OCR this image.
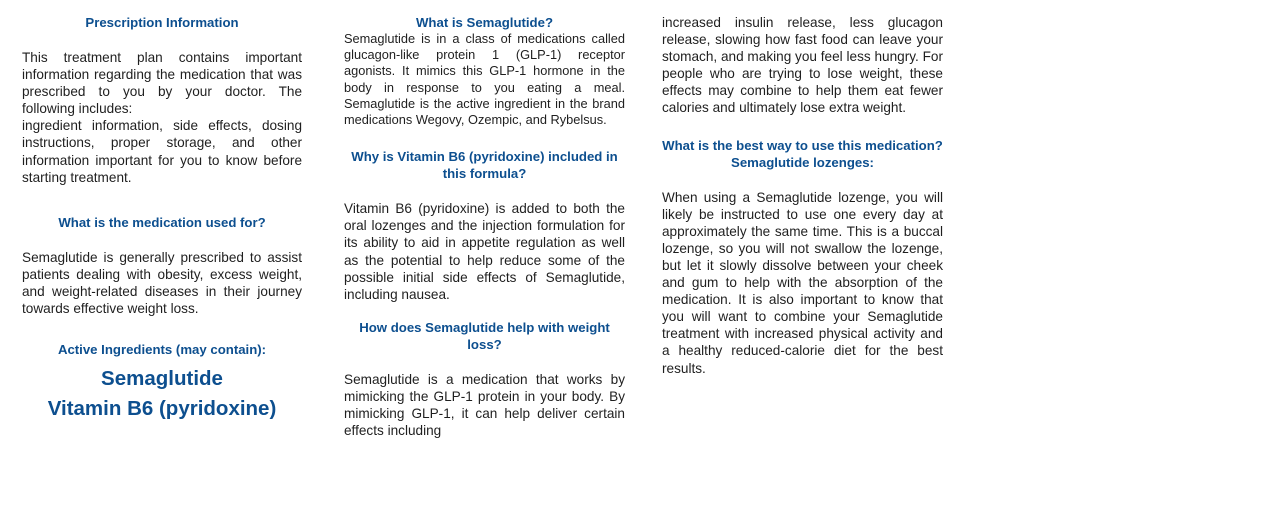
Prescription Information

This treatment plan contains important information regarding the medication that was prescribed to you by your doctor. The following includes:

ingredient information, side effects, dosing instructions, proper storage, and other information important for you to know before starting treatment.

What is the medication used for?

Semaglutide is generally prescribed to assist patients dealing with obesity, excess weight, and weight-related diseases in their journey towards effective weight loss.

Active Ingredients (may contain):
Semaglutide
Vitamin B6 (pyridoxine)
What is Semaglutide?

Semaglutide is in a class of medications called glucagon-like protein 1 (GLP-1) receptor agonists. It mimics this GLP-1 hormone in the body in response to you eating a meal. Semaglutide is the active ingredient in the brand medications Wegovy, Ozempic, and Rybelsus.

Why is Vitamin B6 (pyridoxine) included in this formula?

Vitamin B6 (pyridoxine) is added to both the oral lozenges and the injection formulation for its ability to aid in appetite regulation as well as the potential to help reduce some of the possible initial side effects of Semaglutide, including nausea.

How does Semaglutide help with weight loss?

Semaglutide is a medication that works by mimicking the GLP-1 protein in your body. By mimicking GLP-1, it can help deliver certain effects including

increased insulin release, less glucagon release, slowing how fast food can leave your stomach, and making you feel less hungry. For people who are trying to lose weight, these effects may combine to help them eat fewer calories and ultimately lose extra weight.

What is the best way to use this medication?
Semaglutide lozenges:

When using a Semaglutide lozenge, you will likely be instructed to use one every day at approximately the same time. This is a buccal lozenge, so you will not swallow the lozenge, but let it slowly dissolve between your cheek and gum to help with the absorption of the medication. It is also important to know that you will want to combine your Semaglutide treatment with increased physical activity and a healthy reduced-calorie diet for the best results.
